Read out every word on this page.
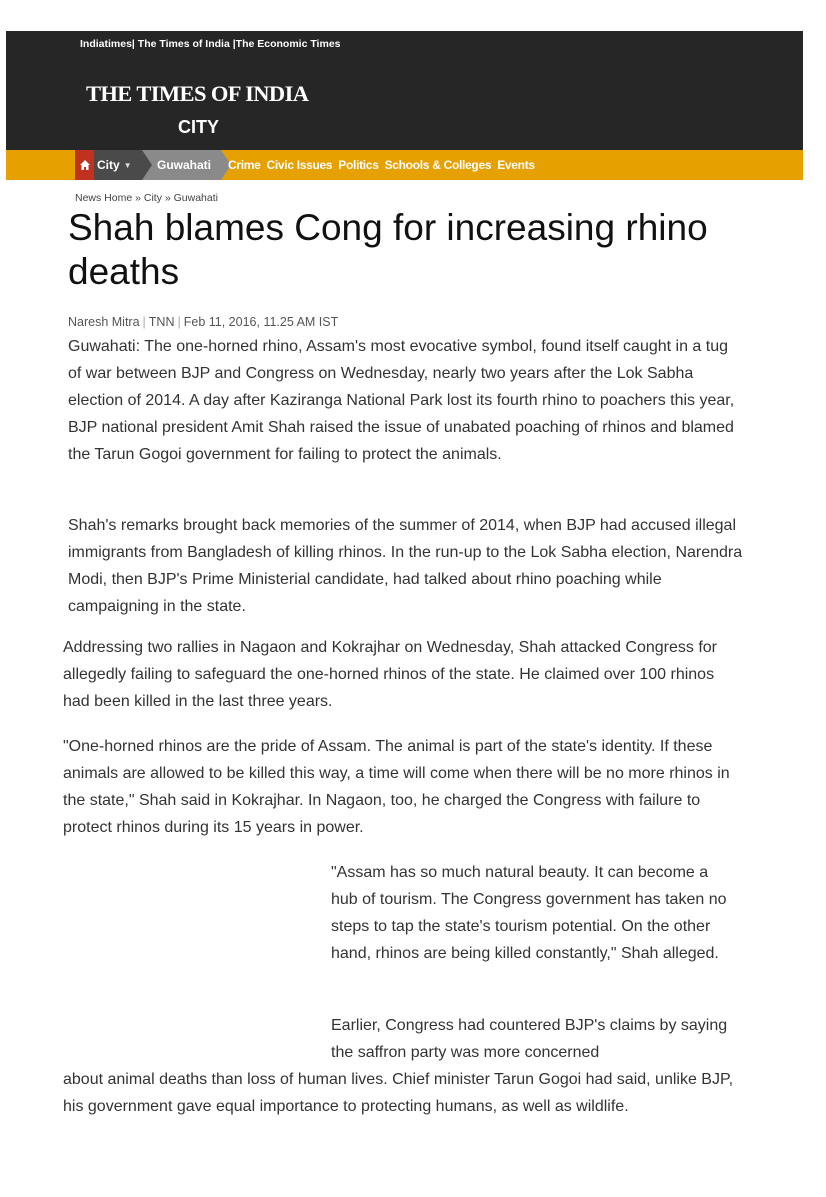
Indiatimes| The Times of India |The Economic Times
THE TIMES OF INDIA
CITY
City ▼ Guwahati Crime Civic Issues Politics Schools & Colleges Events
News Home » City » Guwahati
Shah blames Cong for increasing rhino deaths
Naresh Mitra | TNN | Feb 11, 2016, 11.25 AM IST

Guwahati: The one-horned rhino, Assam's most evocative symbol, found itself caught in a tug of war between BJP and Congress on Wednesday, nearly two years after the Lok Sabha election of 2014. A day after Kaziranga National Park lost its fourth rhino to poachers this year, BJP national president Amit Shah raised the issue of unabated poaching of rhinos and blamed the Tarun Gogoi government for failing to protect the animals.

Shah's remarks brought back memories of the summer of 2014, when BJP had accused illegal immigrants from Bangladesh of killing rhinos. In the run-up to the Lok Sabha election, Narendra Modi, then BJP's Prime Ministerial candidate, had talked about rhino poaching while campaigning in the state.

Addressing two rallies in Nagaon and Kokrajhar on Wednesday, Shah attacked Congress for allegedly failing to safeguard the one-horned rhinos of the state. He claimed over 100 rhinos had been killed in the last three years.

"One-horned rhinos are the pride of Assam. The animal is part of the state's identity. If these animals are allowed to be killed this way, a time will come when there will be no more rhinos in the state," Shah said in Kokrajhar. In Nagaon, too, he charged the Congress with failure to protect rhinos during its 15 years in power.

"Assam has so much natural beauty. It can become a hub of tourism. The Congress government has taken no steps to tap the state's tourism potential. On the other hand, rhinos are being killed constantly," Shah alleged.

Earlier, Congress had countered BJP's claims by saying the saffron party was more concerned

about animal deaths than loss of human lives. Chief minister Tarun Gogoi had said, unlike BJP, his government gave equal importance to protecting humans, as well as wildlife.
